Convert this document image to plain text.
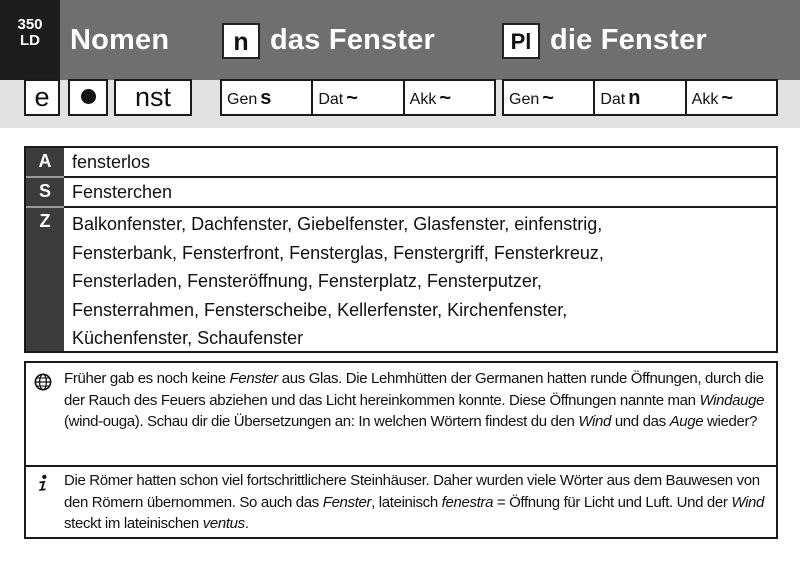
350
LD	Nomen	n das Fenster	Pl die Fenster
e	nst	Gen s	Dat ~	Akk ~	Gen ~	Dat n	Akk ~
A	fensterlos
S	Fensterchen
Z	Balkonfenster, Dachfenster, Giebelfenster, Glasfenster, einfenstrig,
Fensterbank, Fensterfront, Fensterglas, Fenstergriff, Fensterkreuz,
Fensterladen, Fensteröffnung, Fensterplatz, Fensterputzer,
Fensterrahmen, Fensterscheibe, Kellerfenster, Kirchenfenster,
Küchenfenster, Schaufenster
Früher gab es noch keine Fenster aus Glas. Die Lehmhütten der Germanen hatten runde Öffnungen, durch die der Rauch des Feuers abziehen und das Licht hereinkommen konnte. Diese Öffnungen nannte man Windauge (wind-ouga). Schau dir die Übersetzungen an: In welchen Wörtern findest du den Wind und das Auge wieder?
Die Römer hatten schon viel fortschrittlichere Steinhäuser. Daher wurden viele Wörter aus dem Bauwesen von den Römern übernommen. So auch das Fenster, lateinisch fenestra = Öffnung für Licht und Luft. Und der Wind steckt im lateinischen ventus.
